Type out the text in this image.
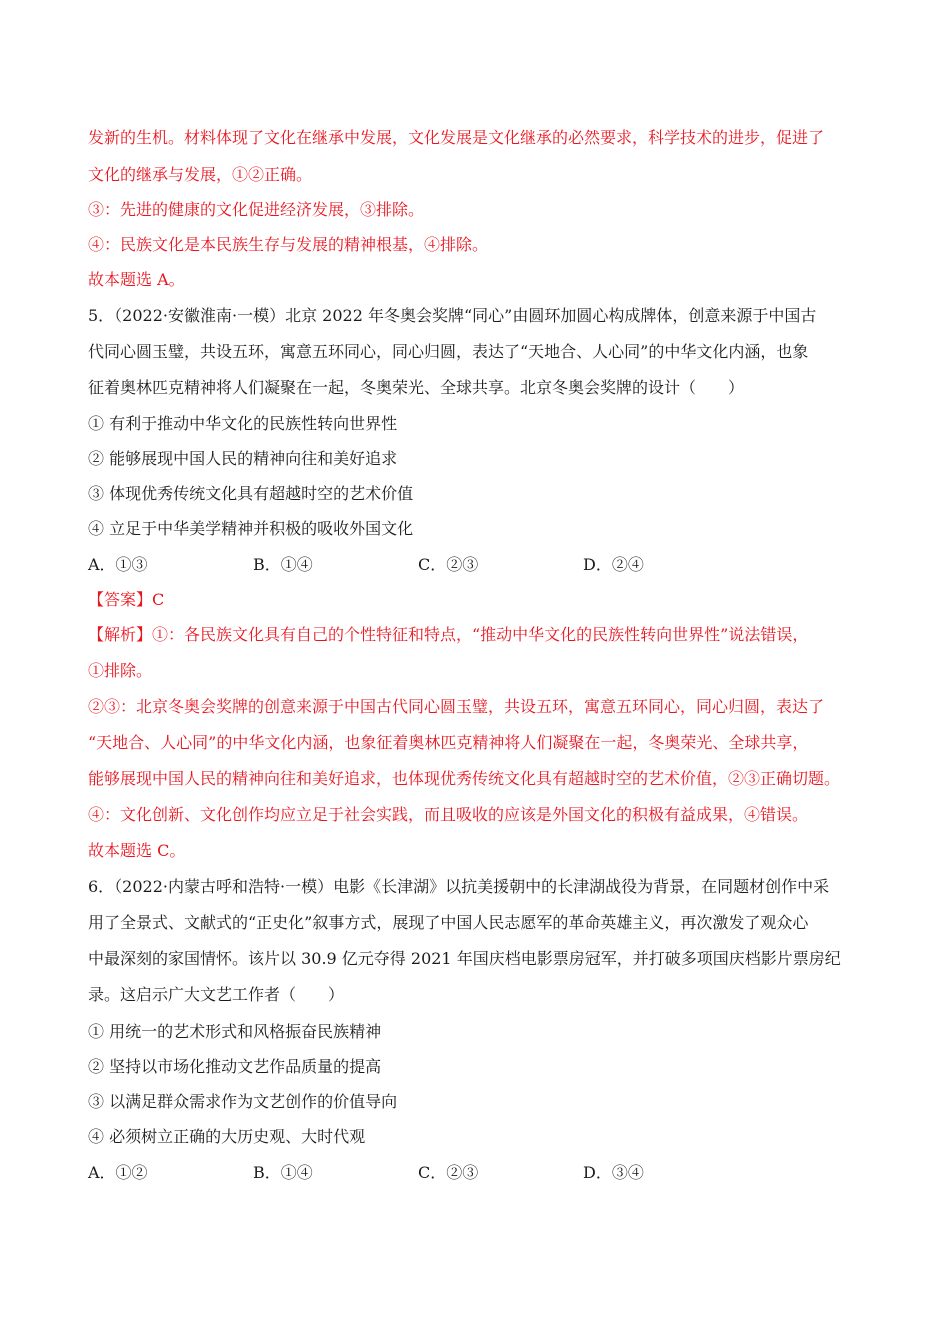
发新的生机。材料体现了文化在继承中发展，文化发展是文化继承的必然要求，科学技术的进步，促进了
文化的继承与发展，①②正确。
③：先进的健康的文化促进经济发展，③排除。
④：民族文化是本民族生存与发展的精神根基，④排除。
故本题选 A。
5．（2022·安徽淮南·一模）北京 2022 年冬奥会奖牌“同心”由圆环加圆心构成牌体，创意来源于中国古
代同心圆玉璧，共设五环，寓意五环同心，同心归圆，表达了“天地合、人心同”的中华文化内涵，也象
征着奥林匹克精神将人们凝聚在一起，冬奥荣光、全球共享。北京冬奥会奖牌的设计（　　）
① 有利于推动中华文化的民族性转向世界性
② 能够展现中国人民的精神向往和美好追求
③ 体现优秀传统文化具有超越时空的艺术价值
④ 立足于中华美学精神并积极的吸收外国文化
【答案】C
【解析】①：各民族文化具有自己的个性特征和特点，“推动中华文化的民族性转向世界性”说法错误，
①排除。
②③：北京冬奥会奖牌的创意来源于中国古代同心圆玉璧，共设五环，寓意五环同心，同心归圆，表达了
“天地合、人心同”的中华文化内涵，也象征着奥林匹克精神将人们凝聚在一起，冬奥荣光、全球共享，
能够展现中国人民的精神向往和美好追求，也体现优秀传统文化具有超越时空的艺术价值，②③正确切题。
④：文化创新、文化创作均应立足于社会实践，而且吸收的应该是外国文化的积极有益成果，④错误。
故本题选 C。
6．（2022·内蒙古呼和浩特·一模）电影《长津湖》以抗美援朝中的长津湖战役为背景，在同题材创作中采
用了全景式、文献式的“正史化”叙事方式，展现了中国人民志愿军的革命英雄主义，再次激发了观众心
中最深刻的家国情怀。该片以 30.9 亿元夺得 2021 年国庆档电影票房冠军，并打破多项国庆档影片票房纪
录。这启示广大文艺工作者（　　）
① 用统一的艺术形式和风格振奋民族精神
② 坚持以市场化推动文艺作品质量的提高
③ 以满足群众需求作为文艺创作的价值导向
④ 必须树立正确的大历史观、大时代观
A．①③	B．①④	C．②③	D．②④
A．①②	B．①④	C．②③	D．③④
